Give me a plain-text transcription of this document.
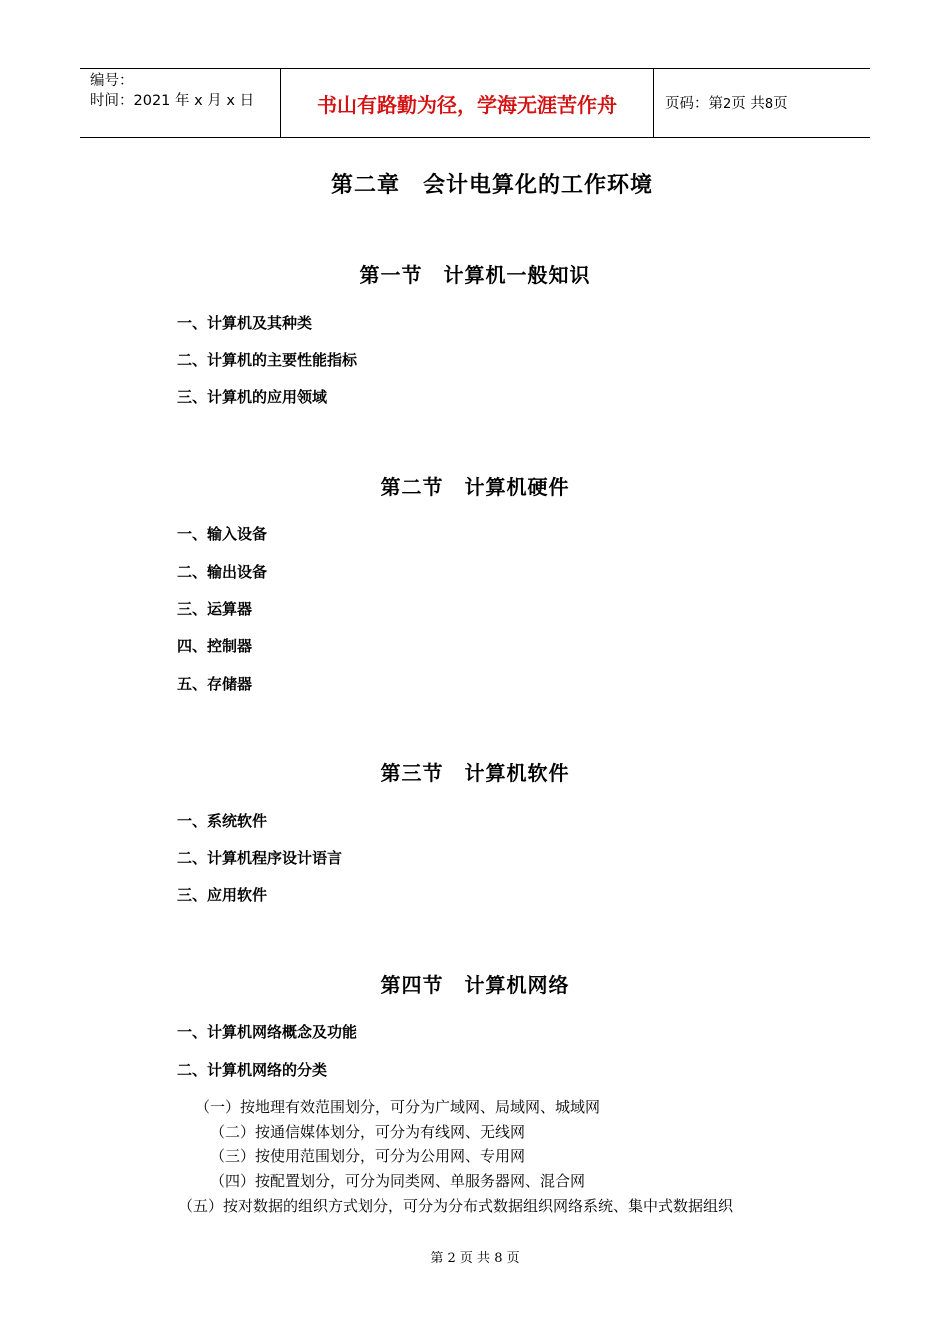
编号：
时间：2021 年 x 月 x 日	书山有路勤为径，学海无涯苦作舟	页码：第2页 共8页
第二章　会计电算化的工作环境
第一节　计算机一般知识
一、计算机及其种类
二、计算机的主要性能指标
三、计算机的应用领域
第二节　计算机硬件
一、输入设备
二、输出设备
三、运算器
四、控制器
五、存储器
第三节　计算机软件
一、系统软件
二、计算机程序设计语言
三、应用软件
第四节　计算机网络
一、计算机网络概念及功能
二、计算机网络的分类
（一）按地理有效范围划分，可分为广域网、局域网、城域网
（二）按通信媒体划分，可分为有线网、无线网
（三）按使用范围划分，可分为公用网、专用网
（四）按配置划分，可分为同类网、单服务器网、混合网
（五）按对数据的组织方式划分，可分为分布式数据组织网络系统、集中式数据组织
第 2 页 共 8 页
